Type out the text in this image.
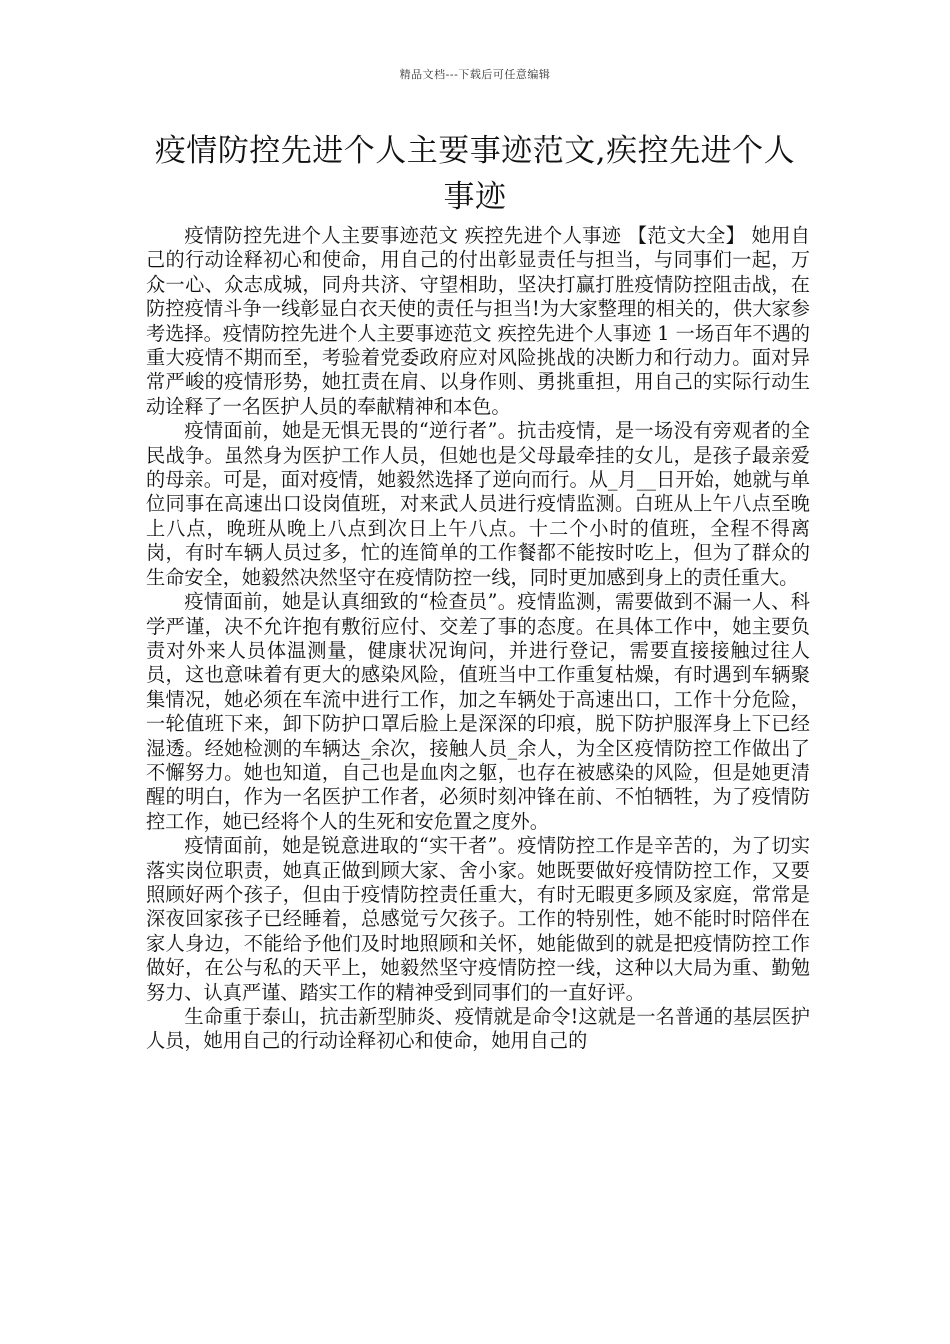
精品文档---下载后可任意编辑
疫情防控先进个人主要事迹范文,疾控先进个人事迹

疫情防控先进个人主要事迹范文 疾控先进个人事迹 【范文大全】 她用自己的行动诠释初心和使命，用自己的付出彰显责任与担当，与同事们一起，万众一心、众志成城，同舟共济、守望相助，坚决打赢打胜疫情防控阻击战，在防控疫情斗争一线彰显白衣天使的责任与担当!为大家整理的相关的，供大家参考选择。疫情防控先进个人主要事迹范文 疾控先进个人事迹 1 一场百年不遇的重大疫情不期而至，考验着党委政府应对风险挑战的决断力和行动力。面对异常严峻的疫情形势，她扛责在肩、以身作则、勇挑重担，用自己的实际行动生动诠释了一名医护人员的奉献精神和本色。

疫情面前，她是无惧无畏的“逆行者”。抗击疫情，是一场没有旁观者的全民战争。虽然身为医护工作人员，但她也是父母最牵挂的女儿，是孩子最亲爱的母亲。可是，面对疫情，她毅然选择了逆向而行。从_月__日开始，她就与单位同事在高速出口设岗值班，对来武人员进行疫情监测。白班从上午八点至晚上八点，晚班从晚上八点到次日上午八点。十二个小时的值班，全程不得离岗，有时车辆人员过多，忙的连简单的工作餐都不能按时吃上，但为了群众的生命安全，她毅然决然坚守在疫情防控一线，同时更加感到身上的责任重大。

疫情面前，她是认真细致的“检查员”。疫情监测，需要做到不漏一人、科学严谨，决不允许抱有敷衍应付、交差了事的态度。在具体工作中，她主要负责对外来人员体温测量，健康状况询问，并进行登记，需要直接接触过往人员，这也意味着有更大的感染风险，值班当中工作重复枯燥，有时遇到车辆聚集情况，她必须在车流中进行工作，加之车辆处于高速出口，工作十分危险，一轮值班下来，卸下防护口罩后脸上是深深的印痕，脱下防护服浑身上下已经湿透。经她检测的车辆达_余次，接触人员_余人，为全区疫情防控工作做出了不懈努力。她也知道，自己也是血肉之躯，也存在被感染的风险，但是她更清醒的明白，作为一名医护工作者，必须时刻冲锋在前、不怕牺牲，为了疫情防控工作，她已经将个人的生死和安危置之度外。

疫情面前，她是锐意进取的“实干者”。疫情防控工作是辛苦的，为了切实落实岗位职责，她真正做到顾大家、舍小家。她既要做好疫情防控工作，又要照顾好两个孩子，但由于疫情防控责任重大，有时无暇更多顾及家庭，常常是深夜回家孩子已经睡着，总感觉亏欠孩子。工作的特别性，她不能时时陪伴在家人身边，不能给予他们及时地照顾和关怀，她能做到的就是把疫情防控工作做好，在公与私的天平上，她毅然坚守疫情防控一线，这种以大局为重、勤勉努力、认真严谨、踏实工作的精神受到同事们的一直好评。

生命重于泰山，抗击新型肺炎、疫情就是命令!这就是一名普通的基层医护人员，她用自己的行动诠释初心和使命，她用自己的
